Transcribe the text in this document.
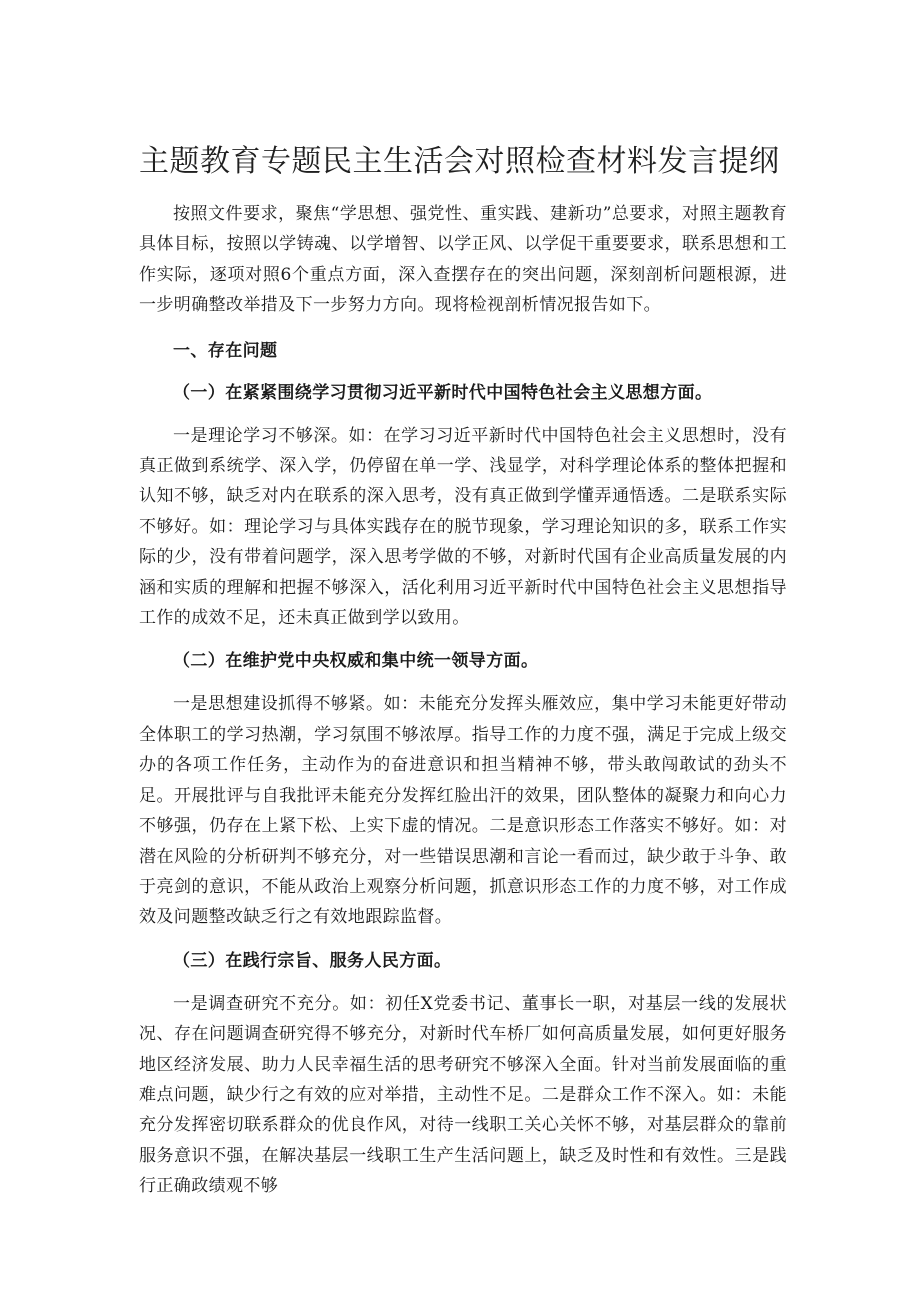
主题教育专题民主生活会对照检查材料发言提纲

按照文件要求，聚焦“学思想、强党性、重实践、建新功”总要求，对照主题教育具体目标，按照以学铸魂、以学增智、以学正风、以学促干重要要求，联系思想和工作实际，逐项对照6个重点方面，深入查摆存在的突出问题，深刻剖析问题根源，进一步明确整改举措及下一步努力方向。现将检视剖析情况报告如下。

一、存在问题

（一）在紧紧围绕学习贯彻习近平新时代中国特色社会主义思想方面。

一是理论学习不够深。如：在学习习近平新时代中国特色社会主义思想时，没有真正做到系统学、深入学，仍停留在单一学、浅显学，对科学理论体系的整体把握和认知不够，缺乏对内在联系的深入思考，没有真正做到学懂弄通悟透。二是联系实际不够好。如：理论学习与具体实践存在的脱节现象，学习理论知识的多，联系工作实际的少，没有带着问题学，深入思考学做的不够，对新时代国有企业高质量发展的内涵和实质的理解和把握不够深入，活化利用习近平新时代中国特色社会主义思想指导工作的成效不足，还未真正做到学以致用。

（二）在维护党中央权威和集中统一领导方面。

一是思想建设抓得不够紧。如：未能充分发挥头雁效应，集中学习未能更好带动全体职工的学习热潮，学习氛围不够浓厚。指导工作的力度不强，满足于完成上级交办的各项工作任务，主动作为的奋进意识和担当精神不够，带头敢闯敢试的劲头不足。开展批评与自我批评未能充分发挥红脸出汗的效果，团队整体的凝聚力和向心力不够强，仍存在上紧下松、上实下虚的情况。二是意识形态工作落实不够好。如：对潜在风险的分析研判不够充分，对一些错误思潮和言论一看而过，缺少敢于斗争、敢于亮剑的意识，不能从政治上观察分析问题，抓意识形态工作的力度不够，对工作成效及问题整改缺乏行之有效地跟踪监督。

（三）在践行宗旨、服务人民方面。

一是调查研究不充分。如：初任X党委书记、董事长一职，对基层一线的发展状况、存在问题调查研究得不够充分，对新时代车桥厂如何高质量发展，如何更好服务地区经济发展、助力人民幸福生活的思考研究不够深入全面。针对当前发展面临的重难点问题，缺少行之有效的应对举措，主动性不足。二是群众工作不深入。如：未能充分发挥密切联系群众的优良作风，对待一线职工关心关怀不够，对基层群众的靠前服务意识不强，在解决基层一线职工生产生活问题上，缺乏及时性和有效性。三是践行正确政绩观不够
